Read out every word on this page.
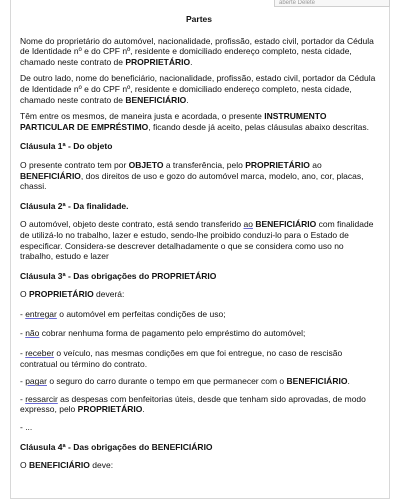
aberte Delete
Partes
Nome do proprietário do automóvel, nacionalidade, profissão, estado civil, portador da Cédula de Identidade nº e do CPF nº, residente e domiciliado endereço completo, nesta cidade, chamado neste contrato de PROPRIETÁRIO.
De outro lado, nome do beneficiário, nacionalidade, profissão, estado civil, portador da Cédula de Identidade nº e do CPF nº, residente e domiciliado endereço completo, nesta cidade, chamado neste contrato de BENEFICIÁRIO.
Têm entre os mesmos, de maneira justa e acordada, o presente INSTRUMENTO PARTICULAR DE EMPRÉSTIMO, ficando desde já aceito, pelas cláusulas abaixo descritas.
Cláusula 1ª - Do objeto
O presente contrato tem por OBJETO a transferência, pelo PROPRIETÁRIO ao BENEFICIÁRIO, dos direitos de uso e gozo do automóvel marca, modelo, ano, cor, placas, chassi.
Cláusula 2ª - Da finalidade.
O automóvel, objeto deste contrato, está sendo transferido ao BENEFICIÁRIO com finalidade de utilizá-lo no trabalho, lazer e estudo, sendo-lhe proibido conduzi-lo para o Estado de especificar. Considera-se descrever detalhadamente o que se considera como uso no trabalho, estudo e lazer
Cláusula 3ª - Das obrigações do PROPRIETÁRIO
O PROPRIETÁRIO deverá:
- entregar o automóvel em perfeitas condições de uso;
- não cobrar nenhuma forma de pagamento pelo empréstimo do automóvel;
- receber o veículo, nas mesmas condições em que foi entregue, no caso de rescisão contratual ou término do contrato.
- pagar o seguro do carro durante o tempo em que permanecer com o BENEFICIÁRIO.
- ressarcir as despesas com benfeitorias úteis, desde que tenham sido aprovadas, de modo expresso, pelo PROPRIETÁRIO.
- ...
Cláusula 4ª - Das obrigações do BENEFICIÁRIO
O BENEFICIÁRIO deve:
